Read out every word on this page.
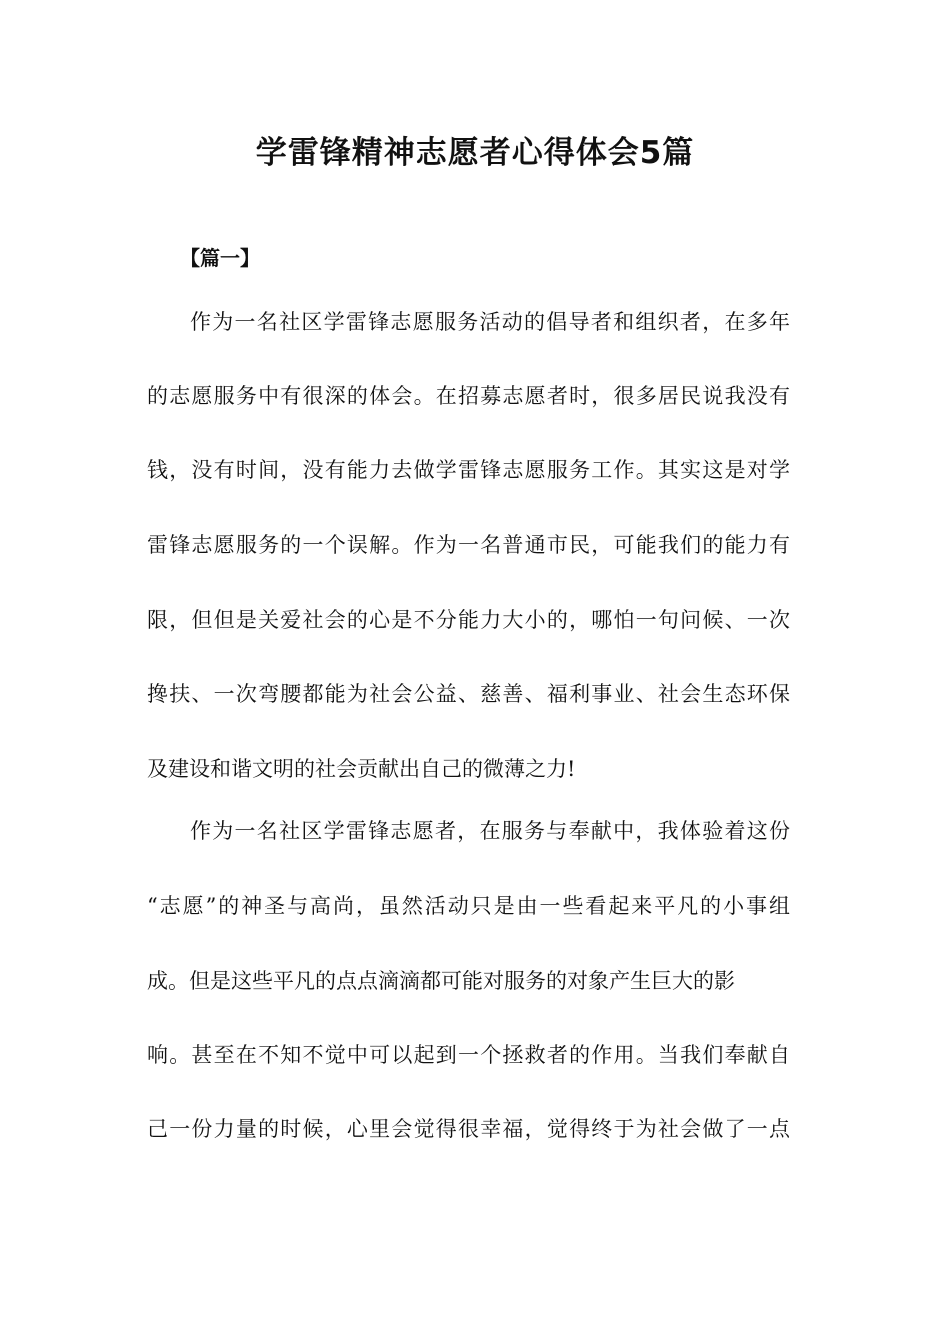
学雷锋精神志愿者心得体会5篇
【篇一】
作为一名社区学雷锋志愿服务活动的倡导者和组织者，在多年
的志愿服务中有很深的体会。在招募志愿者时，很多居民说我没有
钱，没有时间，没有能力去做学雷锋志愿服务工作。其实这是对学
雷锋志愿服务的一个误解。作为一名普通市民，可能我们的能力有
限，但但是关爱社会的心是不分能力大小的，哪怕一句问候、一次
搀扶、一次弯腰都能为社会公益、慈善、福利事业、社会生态环保
及建设和谐文明的社会贡献出自己的微薄之力!
作为一名社区学雷锋志愿者，在服务与奉献中，我体验着这份
“志愿”的神圣与高尚，虽然活动只是由一些看起来平凡的小事组
成。但是这些平凡的点点滴滴都可能对服务的对象产生巨大的影
响。甚至在不知不觉中可以起到一个拯救者的作用。当我们奉献自
己一份力量的时候，心里会觉得很幸福，觉得终于为社会做了一点
